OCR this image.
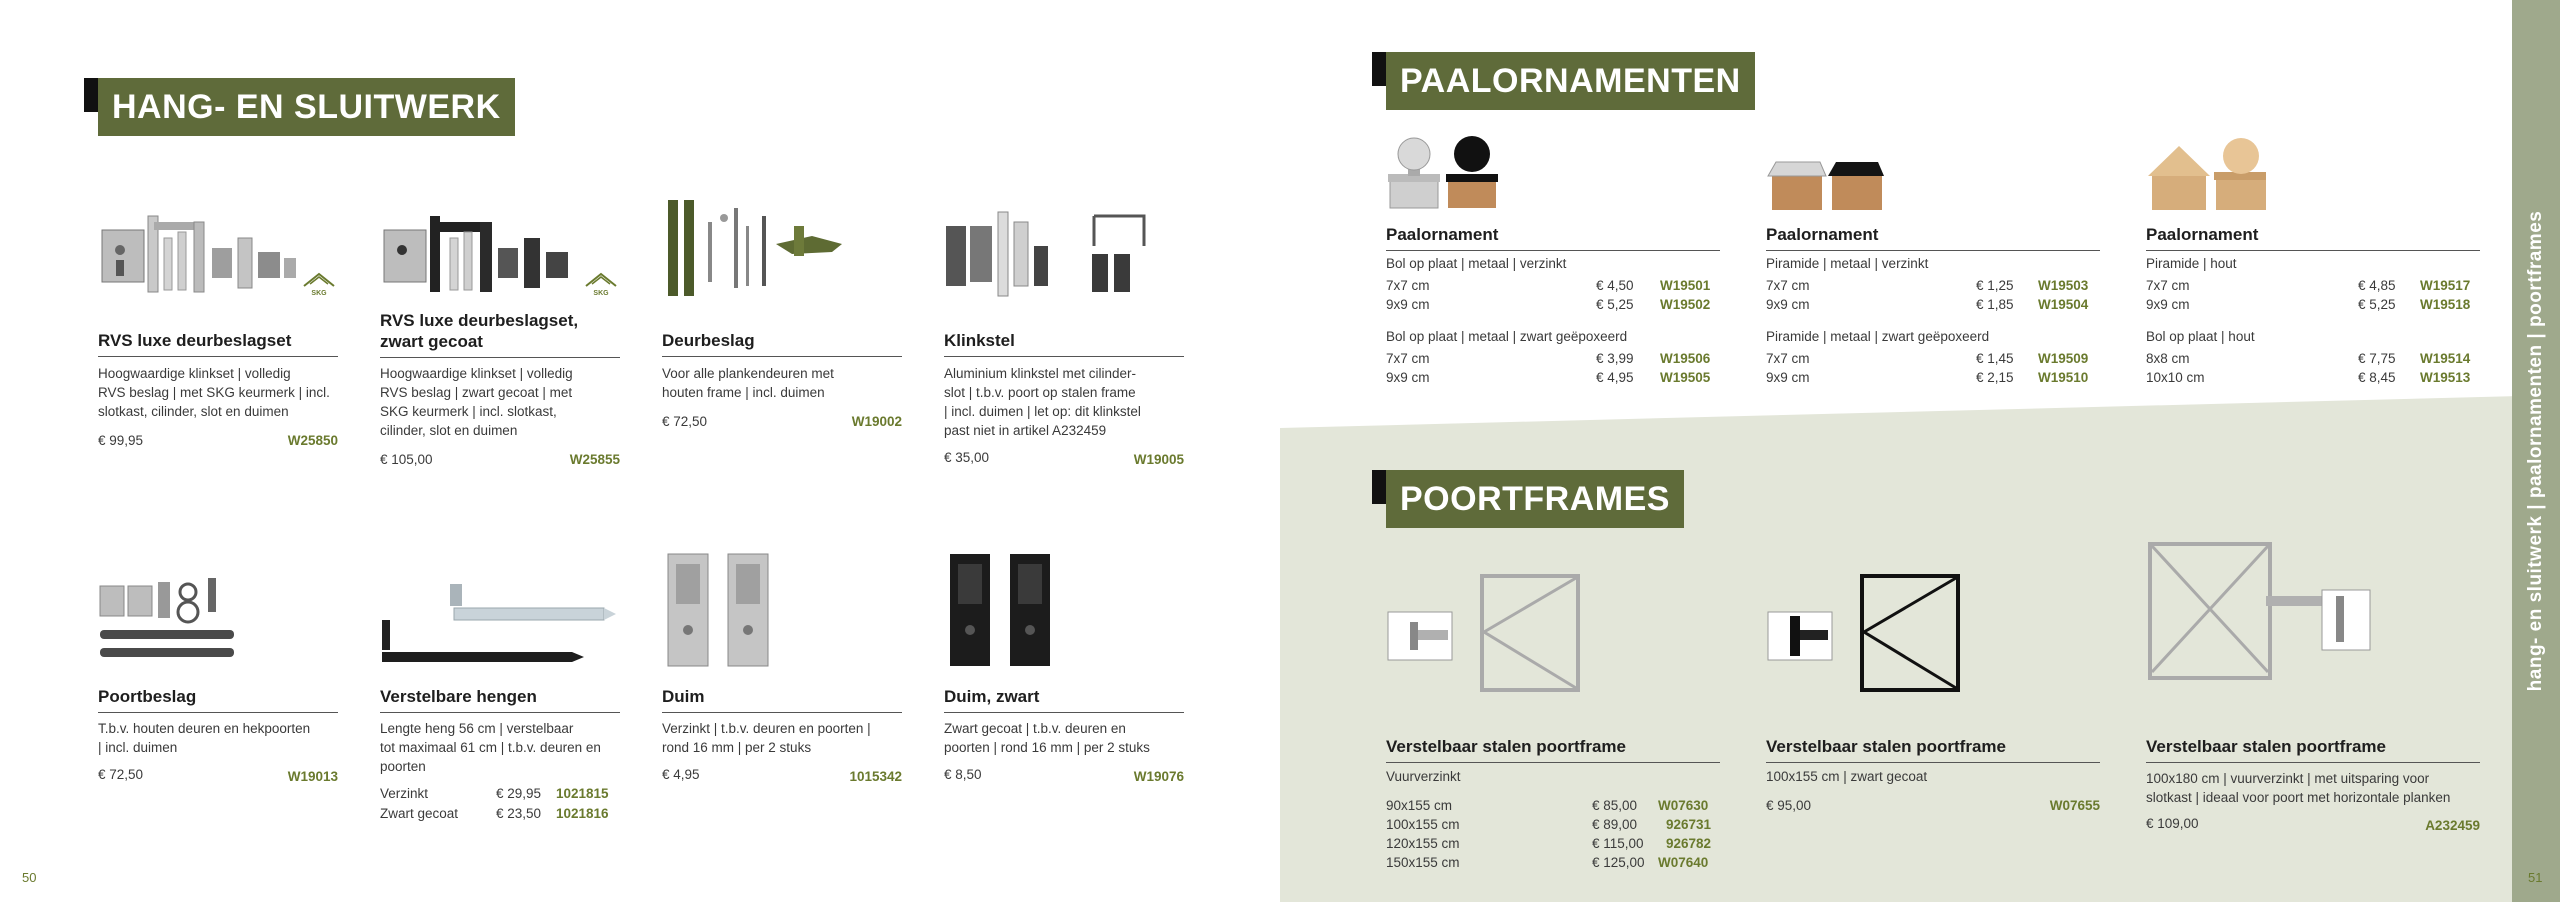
hang- en sluitwerk | paalornamenten | poortframes
HANG- EN SLUITWERK
SKG
RVS luxe deurbeslagset
Hoogwaardige klinkset | volledig
RVS beslag | met SKG keurmerk | incl.
slotkast, cilinder, slot en duimen
€ 99,95	W25850
SKG
RVS luxe deurbeslagset,
zwart gecoat
Hoogwaardige klinkset | volledig
RVS beslag | zwart gecoat | met
SKG keurmerk | incl. slotkast,
cilinder, slot en duimen
€ 105,00	W25855
Deurbeslag
Voor alle plankendeuren met
houten frame | incl. duimen
€ 72,50	W19002
Klinkstel
Aluminium klinkstel met cilinder-
slot | t.b.v. poort op stalen frame
| incl. duimen | let op: dit klinkstel
past niet in artikel A232459
€ 35,00	W19005
Poortbeslag
T.b.v. houten deuren en hekpoorten
| incl. duimen
€ 72,50	W19013
Verstelbare hengen
Lengte heng 56 cm | verstelbaar
tot maximaal 61 cm | t.b.v. deuren en
poorten
Verzinkt	€ 29,95 1021815
Zwart gecoat	€ 23,50 1021816
Duim
Verzinkt | t.b.v. deuren en poorten |
rond 16 mm | per 2 stuks
€ 4,95	1015342
Duim, zwart
Zwart gecoat | t.b.v. deuren en
poorten | rond 16 mm | per 2 stuks
€ 8,50	W19076
50
PAALORNAMENTEN
Paalornament
Bol op plaat | metaal | verzinkt
7x7 cm	€ 4,50 W19501
9x9 cm	€ 5,25 W19502
Bol op plaat | metaal | zwart geëpoxeerd
7x7 cm	€ 3,99 W19506
9x9 cm	€ 4,95 W19505
Paalornament
Piramide | metaal | verzinkt
7x7 cm	€ 1,25 W19503
9x9 cm	€ 1,85 W19504
Piramide | metaal | zwart geëpoxeerd
7x7 cm	€ 1,45 W19509
9x9 cm	€ 2,15 W19510
Paalornament
Piramide | hout
7x7 cm	€ 4,85 W19517
9x9 cm	€ 5,25 W19518
Bol op plaat | hout
8x8 cm	€ 7,75 W19514
10x10 cm	€ 8,45 W19513
POORTFRAMES
Verstelbaar stalen poortframe
Vuurverzinkt
90x155 cm	€ 85,00 W07630
100x155 cm	€ 89,00 926731
120x155 cm	€ 115,00 926782
150x155 cm	€ 125,00 W07640
Verstelbaar stalen poortframe
100x155 cm | zwart gecoat
€ 95,00	W07655
Verstelbaar stalen poortframe
100x180 cm | vuurverzinkt | met uitsparing voor
slotkast | ideaal voor poort met horizontale planken
€ 109,00	A232459
51
